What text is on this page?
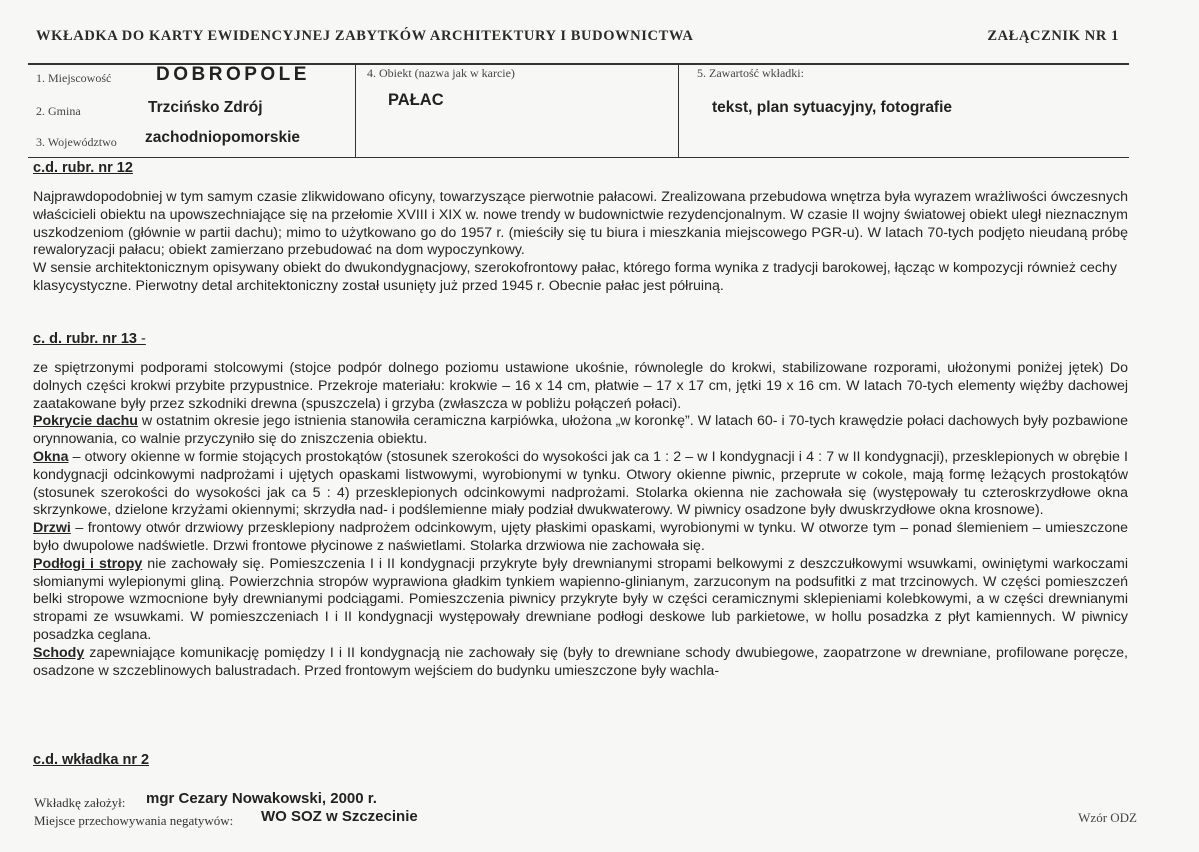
WKŁADKA DO KARTY EWIDENCYJNEJ ZABYTKÓW ARCHITEKTURY I BUDOWNICTWA	ZAŁĄCZNIK NR 1
1. Miejscowość DOBROPOLE
2. Gmina	Trzcińsko Zdrój
3. Województwo zachodniopomorskie
4. Obiekt (nazwa jak w karcie)
PAŁAC
5. Zawartość wkładki:
tekst, plan sytuacyjny, fotografie
c.d. rubr. nr 12

Najprawdopodobniej w tym samym czasie zlikwidowano oficyny, towarzyszące pierwotnie pałacowi. Zrealizowana przebudowa wnętrza była wyrazem wrażliwości ówczesnych właścicieli obiektu na upowszechniające się na przełomie XVIII i XIX w. nowe trendy w budownictwie rezydencjonalnym. W czasie II wojny światowej obiekt uległ nieznacznym uszkodzeniom (głównie w partii dachu); mimo to użytkowano go do 1957 r. (mieściły się tu biura i mieszkania miejscowego PGR-u). W latach 70-tych podjęto nieudaną próbę rewaloryzacji pałacu; obiekt zamierzano przebudować na dom wypoczynkowy.

W sensie architektonicznym opisywany obiekt do dwukondygnacjowy, szerokofrontowy pałac, którego forma wynika z tradycji barokowej, łącząc w kompozycji również cechy klasycystyczne. Pierwotny detal architektoniczny został usunięty już przed 1945 r. Obecnie pałac jest półruiną.

c. d. rubr. nr 13 -

ze spiętrzonymi podporami stolcowymi (stojce podpór dolnego poziomu ustawione ukośnie, równolegle do krokwi, stabilizowane rozporami, ułożonymi poniżej jętek) Do dolnych części krokwi przybite przypustnice. Przekroje materiału: krokwie – 16 x 14 cm, płatwie – 17 x 17 cm, jętki 19 x 16 cm. W latach 70-tych elementy więźby dachowej zaatakowane były przez szkodniki drewna (spuszczela) i grzyba (zwłaszcza w pobliżu połączeń połaci).

Pokrycie dachu w ostatnim okresie jego istnienia stanowiła ceramiczna karpiówka, ułożona „w koronkę”. W latach 60- i 70-tych krawędzie połaci dachowych były pozbawione orynnowania, co walnie przyczyniło się do zniszczenia obiektu.

Okna – otwory okienne w formie stojących prostokątów (stosunek szerokości do wysokości jak ca 1 : 2 – w I kondygnacji i 4 : 7 w II kondygnacji), przesklepionych w obrębie I kondygnacji odcinkowymi nadprożami i ujętych opaskami listwowymi, wyrobionymi w tynku. Otwory okienne piwnic, przeprute w cokole, mają formę leżących prostokątów (stosunek szerokości do wysokości jak ca 5 : 4) przesklepionych odcinkowymi nadprożami. Stolarka okienna nie zachowała się (występowały tu czteroskrzydłowe okna skrzynkowe, dzielone krzyżami okiennymi; skrzydła nad- i podślemienne miały podział dwukwaterowy. W piwnicy osadzone były dwuskrzydłowe okna krosnowe).

Drzwi – frontowy otwór drzwiowy przesklepiony nadprożem odcinkowym, ujęty płaskimi opaskami, wyrobionymi w tynku. W otworze tym – ponad ślemieniem – umieszczone było dwupolowe nadświetle. Drzwi frontowe płycinowe z naświetlami. Stolarka drzwiowa nie zachowała się.

Podłogi i stropy nie zachowały się. Pomieszczenia I i II kondygnacji przykryte były drewnianymi stropami belkowymi z deszczułkowymi wsuwkami, owiniętymi warkoczami słomianymi wylepionymi gliną. Powierzchnia stropów wyprawiona gładkim tynkiem wapienno-glinianym, zarzuconym na podsufitki z mat trzcinowych. W części pomieszczeń belki stropowe wzmocnione były drewnianymi podciągami. Pomieszczenia piwnicy przykryte były w części ceramicznymi sklepieniami kolebkowymi, a w części drewnianymi stropami ze wsuwkami. W pomieszczeniach I i II kondygnacji występowały drewniane podłogi deskowe lub parkietowe, w hollu posadzka z płyt kamiennych. W piwnicy posadzka ceglana.

Schody zapewniające komunikację pomiędzy I i II kondygnacją nie zachowały się (były to drewniane schody dwubiegowe, zaopatrzone w drewniane, profilowane poręcze, osadzone w szczeblinowych balustradach. Przed frontowym wejściem do budynku umieszczone były wachla-

c.d. wkładka nr 2
Wkładkę założył: mgr Cezary Nowakowski, 2000 r.
Miejsce przechowywania negatywów: WO SOZ w Szczecinie	Wzór ODZ
